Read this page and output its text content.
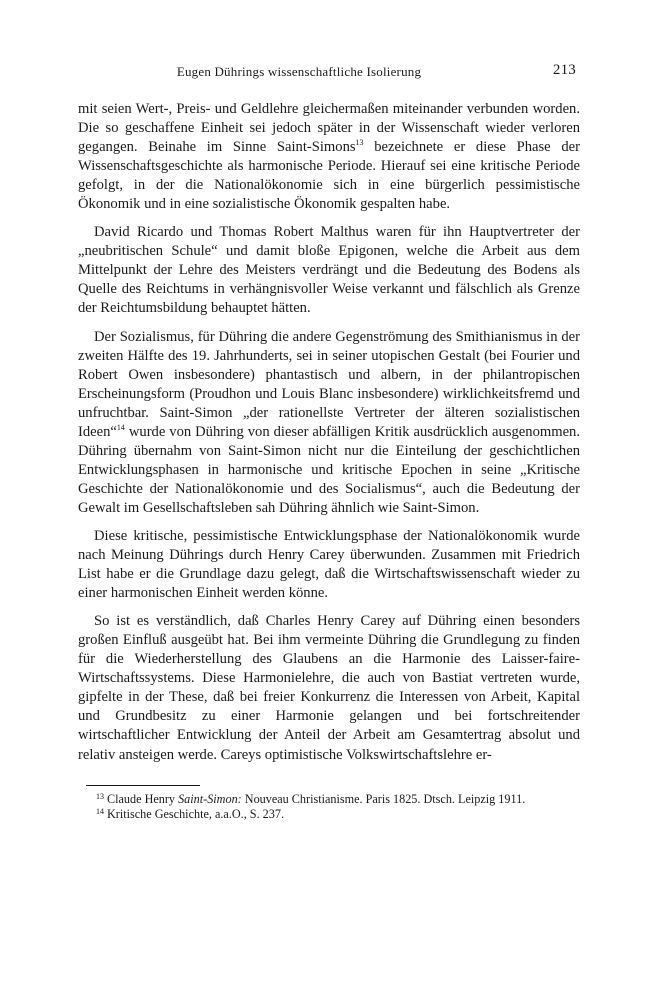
Eugen Dührings wissenschaftliche Isolierung	213

mit seien Wert-, Preis- und Geldlehre gleichermaßen miteinander verbunden worden. Die so geschaffene Einheit sei jedoch später in der Wissenschaft wieder verloren gegangen. Beinahe im Sinne Saint-Simons$^{13}$ bezeichnete er diese Phase der Wissenschaftsgeschichte als harmonische Periode. Hierauf sei eine kritische Periode gefolgt, in der die Nationalökonomie sich in eine bürgerlich pessimistische Ökonomik und in eine sozialistische Ökonomik gespalten habe.

David Ricardo und Thomas Robert Malthus waren für ihn Hauptvertreter der „neubritischen Schule“ und damit bloße Epigonen, welche die Arbeit aus dem Mittelpunkt der Lehre des Meisters verdrängt und die Bedeutung des Bodens als Quelle des Reichtums in verhängnisvoller Weise verkannt und fälschlich als Grenze der Reichtumsbildung behauptet hätten.

Der Sozialismus, für Dühring die andere Gegenströmung des Smithianismus in der zweiten Hälfte des 19. Jahrhunderts, sei in seiner utopischen Gestalt (bei Fourier und Robert Owen insbesondere) phantastisch und albern, in der philantropischen Erscheinungsform (Proudhon und Louis Blanc insbesondere) wirklichkeitsfremd und unfruchtbar. Saint-Simon „der rationellste Vertreter der älteren sozialistischen Ideen“$^{14}$ wurde von Dühring von dieser abfälligen Kritik ausdrücklich ausgenommen. Dühring übernahm von Saint-Simon nicht nur die Einteilung der geschichtlichen Entwicklungsphasen in harmonische und kritische Epochen in seine „Kritische Geschichte der Nationalökonomie und des Socialismus“, auch die Bedeutung der Gewalt im Gesellschaftsleben sah Dühring ähnlich wie Saint-Simon.

Diese kritische, pessimistische Entwicklungsphase der Nationalökonomik wurde nach Meinung Dührings durch Henry Carey überwunden. Zusammen mit Friedrich List habe er die Grundlage dazu gelegt, daß die Wirtschaftswissenschaft wieder zu einer harmonischen Einheit werden könne.

So ist es verständlich, daß Charles Henry Carey auf Dühring einen besonders großen Einfluß ausgeübt hat. Bei ihm vermeinte Dühring die Grundlegung zu finden für die Wiederherstellung des Glaubens an die Harmonie des Laisser-faire-Wirtschaftssystems. Diese Harmonielehre, die auch von Bastiat vertreten wurde, gipfelte in der These, daß bei freier Konkurrenz die Interessen von Arbeit, Kapital und Grundbesitz zu einer Harmonie gelangen und bei fortschreitender wirtschaftlicher Entwicklung der Anteil der Arbeit am Gesamtertrag absolut und relativ ansteigen werde. Careys optimistische Volkswirtschaftslehre er-

$^{13}$ Claude Henry Saint-Simon: Nouveau Christianisme. Paris 1825. Dtsch. Leipzig 1911.

$^{14}$ Kritische Geschichte, a.a.O., S. 237.
